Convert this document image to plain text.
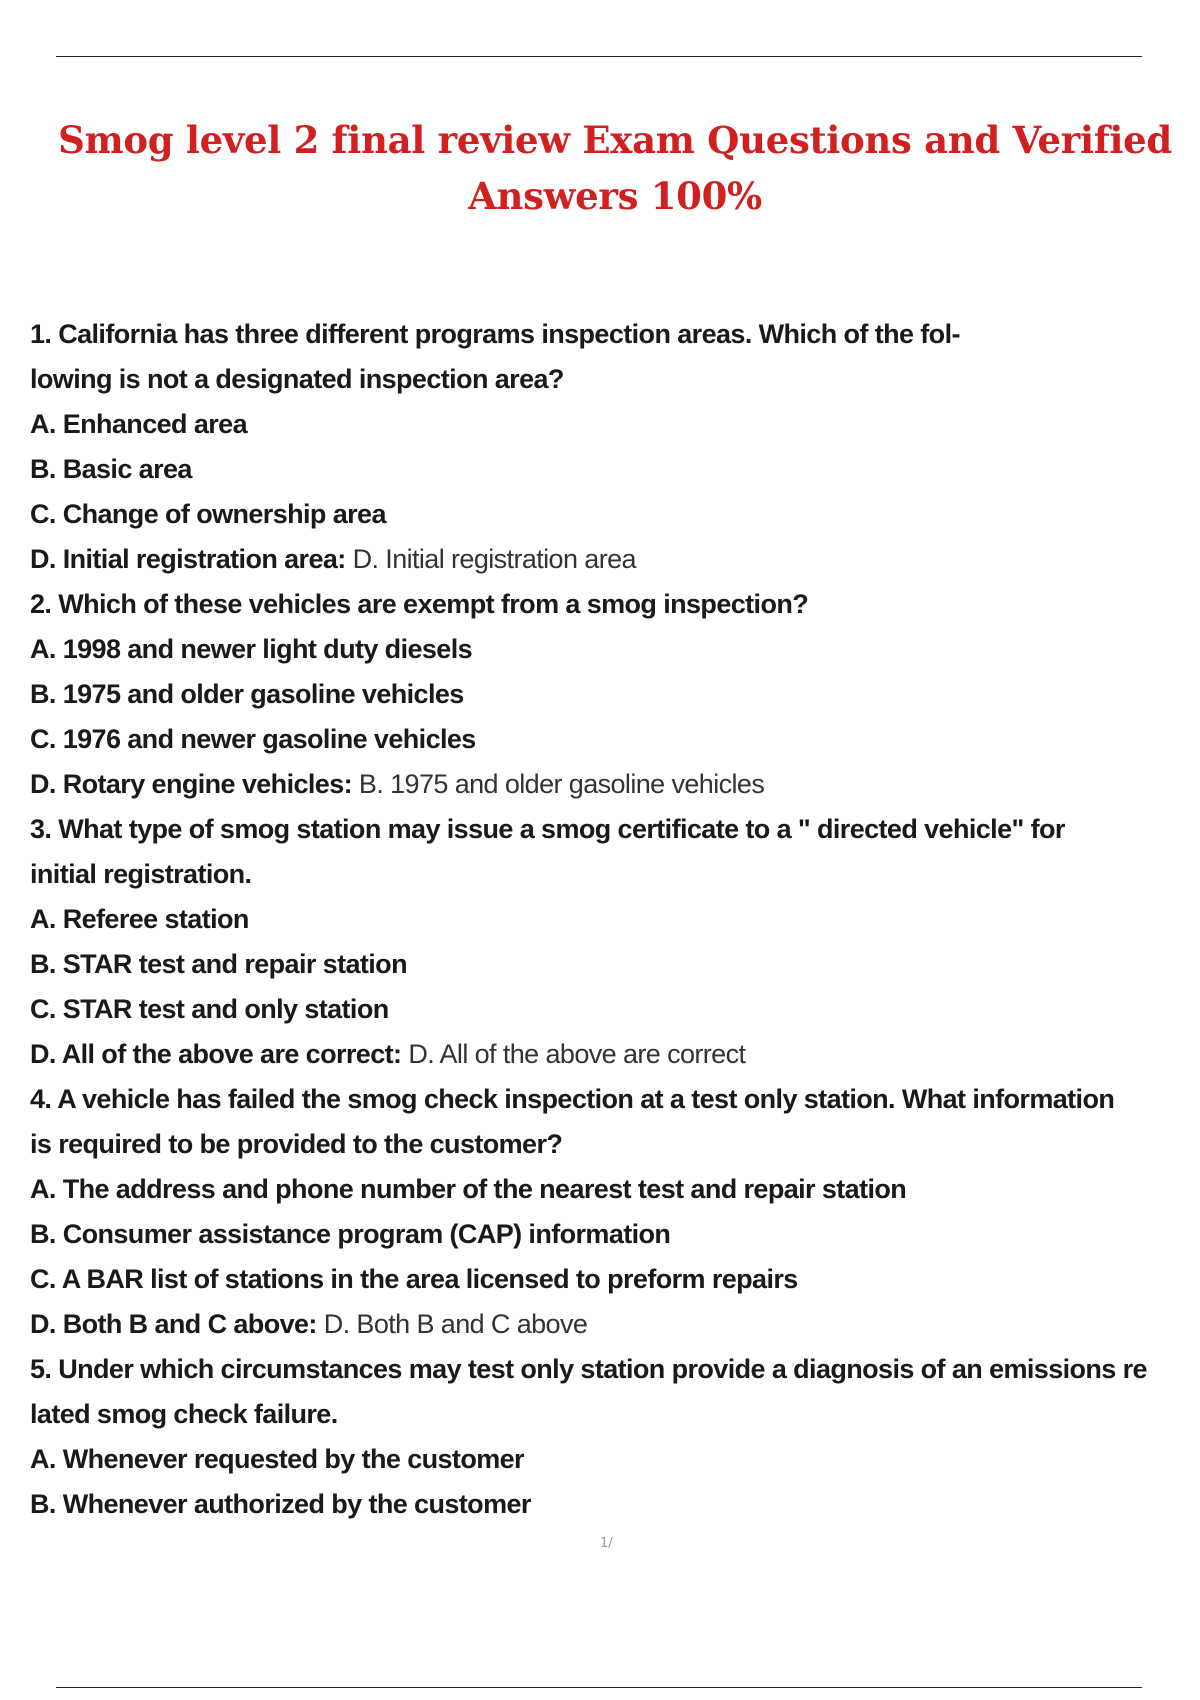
Smog level 2 final review Exam Questions and Verified Answers 100%
1. California has three different programs inspection areas. Which of the fol-
lowing is not a designated inspection area?
A. Enhanced area
B. Basic area
C. Change of ownership area
D. Initial registration area: D. Initial registration area
2. Which of these vehicles are exempt from a smog inspection?
A. 1998 and newer light duty diesels
B. 1975 and older gasoline vehicles
C. 1976 and newer gasoline vehicles
D. Rotary engine vehicles: B. 1975 and older gasoline vehicles
3. What type of smog station may issue a smog certificate to a " directed vehicle" for
initial registration.
A. Referee station
B. STAR test and repair station
C. STAR test and only station
D. All of the above are correct: D. All of the above are correct
4. A vehicle has failed the smog check inspection at a test only station. What information
is required to be provided to the customer?
A. The address and phone number of the nearest test and repair station
B. Consumer assistance program (CAP) information
C. A BAR list of stations in the area licensed to preform repairs
D. Both B and C above: D. Both B and C above
5. Under which circumstances may test only station provide a diagnosis of an emissions re
lated smog check failure.
A. Whenever requested by the customer
B. Whenever authorized by the customer
1/
